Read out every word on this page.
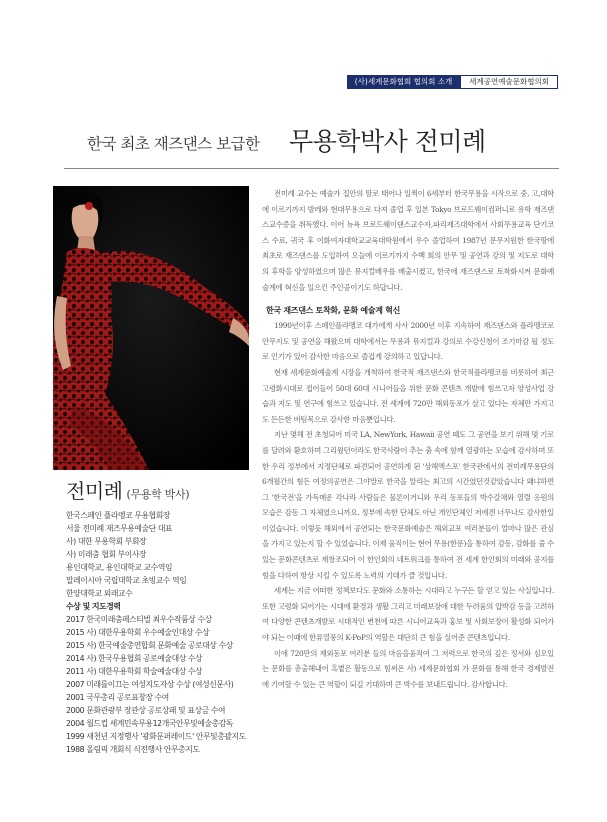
(사)세계문화협회 협의회 소개	세계공연예술문화협의회
한국 최초 재즈댄스 보급한 무용학박사 전미례
전미례 (무용학 박사)
한국스페인 플라멩코 무용협회장
서울 전미례 재즈무용예술단 대표
사) 대한 무용학회 부회장
사) 미래춤 협회 부이사장
용인대학교, 용인대학교 교수역임
말레이시아 국립대학교 초빙교수 역임
한양대학교 외래교수
수상 및 지도경력
2017 한국미래춤페스티벌 최우수작품상 수상
2015 사) 대한무용학회 우수예술인대상 수상
2015 사) 한국예술총연합회 문화예술 공로대상 수상
2014 사) 한국무용협회 공로예술대상 수상
2011 사) 대한무용학회 학술예술대상 수상
2007 미래를이끄는 여성지도자상 수상 (여성신문사)
2001 국무총리 공로표창장 수여
2000 문화관광부 장관상 공로상패 및 표상금 수여
2004 월드컵 세계민속무용12개국안무및예술총감독
1999 새천년 지정행사 '광화문퍼레이드' 안무및총괄지도
1988 올림픽 개회식 식전행사 안무총지도

전미례 교수는 예술가 집안의 딸로 태어나 일찍이 6세부터 한국무용을 시작으로 중, 고,대학에 이르기까지 발레와 현대무용으로 다져 졸업 후 일본 Tokyo 브로드웨이컴퍼니로 유학 재즈댄스교수증을 취득했다. 이어 뉴욕 브로드웨이댄스교수자,파리재즈대학에서 사회무용교육 단기코스 수료, 귀국 후 이화여자대학교교육대학원에서 우수 졸업하여 1987년 문무지원한 한국땅에 최초로 재즈댄스를 도입하여 오늘에 이르기까지 수백 회의 안무 및 공연과 강의 및 지도로 대학의 후학을 양성하였으며 많은 뮤지컬배우를 배출시켰고, 한국에 재즈댄스로 토착화시켜 문화예술계에 혁신을 일으킨 주인공이기도 하답니다.

한국 재즈댄스 토착화, 문화 예술계 혁신

1990년이후 스페인플라멩코 대가에게 사사 2000년 이후 지속하여 재즈댄스와 플라멩코로 안무지도 및 공연을 해왔으며 대학에서는 무용과 뮤지컬과 강의로 수강신청이 조기마감 될 정도로 인기가 있어 감사한 마음으로 즐겁게 강의하고 있답니다.

현재 세계문화예술계 시장을 개척하여 한국적 재즈댄스와 한국적플라멩코를 비롯하여 최근 고령화시대로 접어들어 50대 60대 시니어들을 위한 문화 콘텐츠 개발에 힘쓰고자 양성사업 강습과 지도 및 연구에 힘쓰고 있습니다. 전 세계에 720만 해외동포가 살고 있다는 자체만 가지고도 든든한 버팀목으로 감사한 마음뿐입니다.

지난 몇해 전 초청되어 미국 LA, NewYork, Hawaii 공연 때도 그 공연을 보기 위해 몇 기로를 달려와 환호하며 그리웠던이라도 한국사람이 추는 춤 속에 함께 열광하는 모습에 감사하며 또한 우리 정부에서 지정단체로 파견되어 공연하게 된 '상해엑스포' 한국관에서의 전미례무용단의 6개월간의 힘든 여정의공연은 그야말로 한국을 알리는 최고의 시간였던것같았습니다 왜냐하면 그 '한국전'을 가득메운 각나라 사람들은 물론이거니와 우리 동포들의 박수갈채와 열렬 응원의 모습은 감동 그 자체였으니까요. 정부에 속한 단체도 아닌 개인단체인 저에겐 너무나도 감사한일이었습니다. 이렇듯 해외에서 공연되는 한국문화예술은 해외교포 여러분들이 얼마나 많은 관심을 가지고 있는지 할 수 있었습니다. 이제 움직이는 현어 무용(한문)을 통하여 감동, 감화를 줄 수 있는 문화콘텐츠로 재창조되어 이 한인회의 네트워크를 통하여 전 세계 한인회의 미래와 공지를 힘을 다하여 항상 시킬 수 있도록 노력의 기대가 클 것입니다.

세계는 지금 어떠한 정책보다도 문화와 소통하는 시대라고 누구든 할 얻고 있는 사실입니다. 또한 고령화 되어가는 시대에 환경과 생활 그리고 미래보장에 대한 두려움의 압박감 등을 고려하여 다양한 콘텐츠개발로 시대적인 변천에 따른 시니어교육과 홍보 및 사회보장이 활성화 되어가야 되는 이때에 한류열풍의 K-PoP의 역할은 대단히 큰 힘을 실어준 콘텐츠입니다.

이에 720만의 재외동포 여러분 들의 마음을움직여 그 저력으로 한국의 깊은 정서와 심오있는 문화를 총출해내어 흑볕은 활동으로 힘써온 사) 세계문화협회 가 문화를 통해 한국 경제발전에 기여할 수 있는 큰 역할이 되길 기대하며 큰 박수를 보내드립니다. 감사합니다.
